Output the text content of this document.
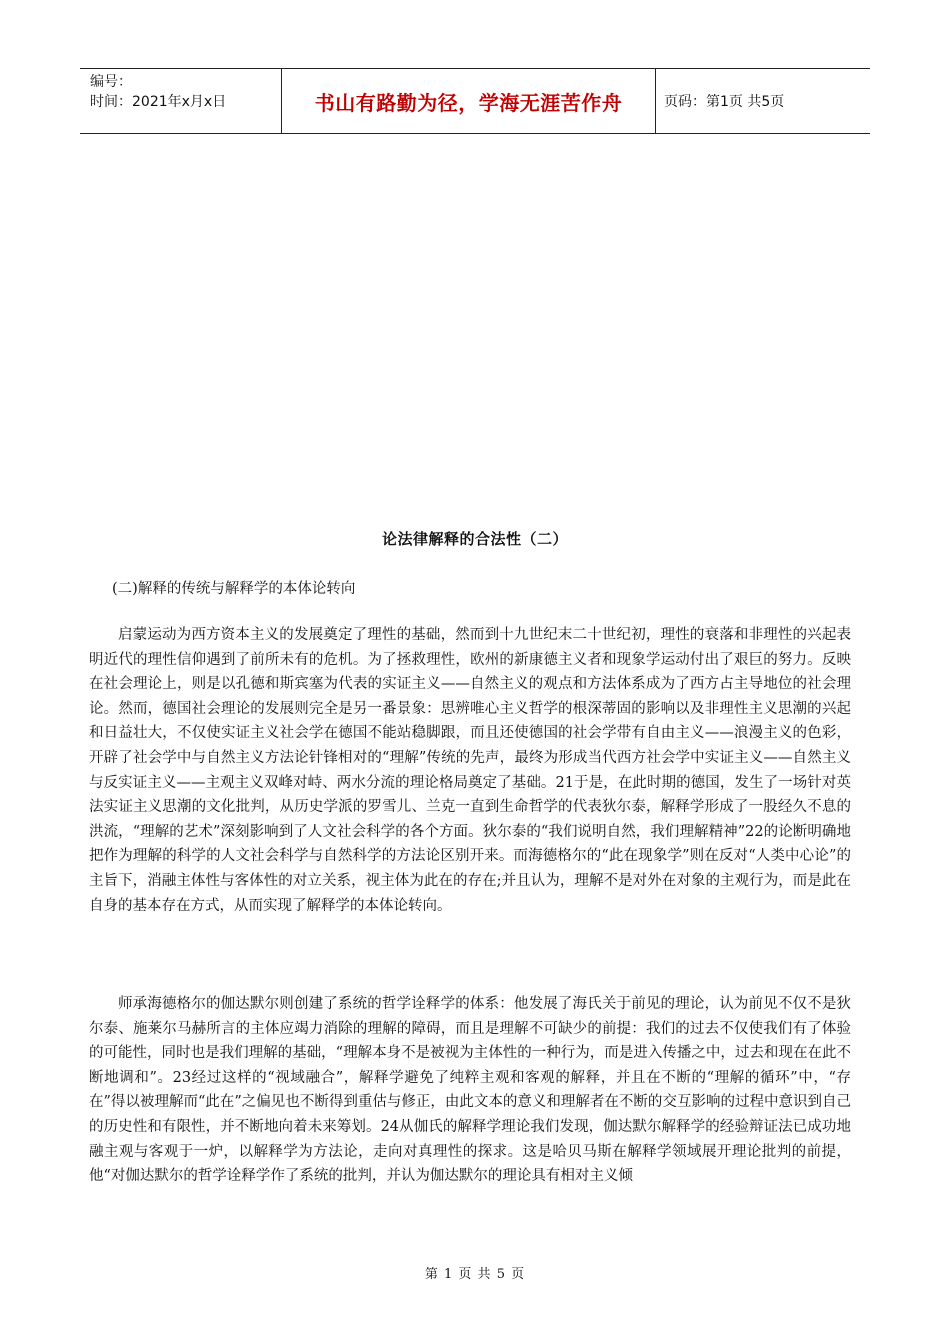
编号：
时间：2021年x月x日	书山有路勤为径，学海无涯苦作舟	页码：第1页 共5页
论法律解释的合法性（二）
(二)解释的传统与解释学的本体论转向

启蒙运动为西方资本主义的发展奠定了理性的基础，然而到十九世纪末二十世纪初，理性的衰落和非理性的兴起表明近代的理性信仰遇到了前所未有的危机。为了拯救理性，欧州的新康德主义者和现象学运动付出了艰巨的努力。反映在社会理论上，则是以孔德和斯宾塞为代表的实证主义——自然主义的观点和方法体系成为了西方占主导地位的社会理论。然而，德国社会理论的发展则完全是另一番景象：思辨唯心主义哲学的根深蒂固的影响以及非理性主义思潮的兴起和日益壮大，不仅使实证主义社会学在德国不能站稳脚跟，而且还使德国的社会学带有自由主义——浪漫主义的色彩，开辟了社会学中与自然主义方法论针锋相对的“理解”传统的先声，最终为形成当代西方社会学中实证主义——自然主义与反实证主义——主观主义双峰对峙、两水分流的理论格局奠定了基础。21于是，在此时期的德国，发生了一场针对英法实证主义思潮的文化批判，从历史学派的罗雪儿、兰克一直到生命哲学的代表狄尔泰，解释学形成了一股经久不息的洪流，“理解的艺术”深刻影响到了人文社会科学的各个方面。狄尔泰的“我们说明自然，我们理解精神”22的论断明确地把作为理解的科学的人文社会科学与自然科学的方法论区别开来。而海德格尔的“此在现象学”则在反对“人类中心论”的主旨下，消融主体性与客体性的对立关系，视主体为此在的存在;并且认为，理解不是对外在对象的主观行为，而是此在自身的基本存在方式，从而实现了解释学的本体论转向。

师承海德格尔的伽达默尔则创建了系统的哲学诠释学的体系：他发展了海氏关于前见的理论，认为前见不仅不是狄尔泰、施莱尔马赫所言的主体应竭力消除的理解的障碍，而且是理解不可缺少的前提：我们的过去不仅使我们有了体验的可能性，同时也是我们理解的基础，“理解本身不是被视为主体性的一种行为，而是进入传播之中，过去和现在在此不断地调和”。23经过这样的“视域融合”，解释学避免了纯粹主观和客观的解释，并且在不断的“理解的循环”中，“存在”得以被理解而“此在”之偏见也不断得到重估与修正，由此文本的意义和理解者在不断的交互影响的过程中意识到自己的历史性和有限性，并不断地向着未来筹划。24从伽氏的解释学理论我们发现，伽达默尔解释学的经验辩证法已成功地融主观与客观于一炉，以解释学为方法论，走向对真理性的探求。这是哈贝马斯在解释学领域展开理论批判的前提，他“对伽达默尔的哲学诠释学作了系统的批判，并认为伽达默尔的理论具有相对主义倾

第 1 页 共 5 页
